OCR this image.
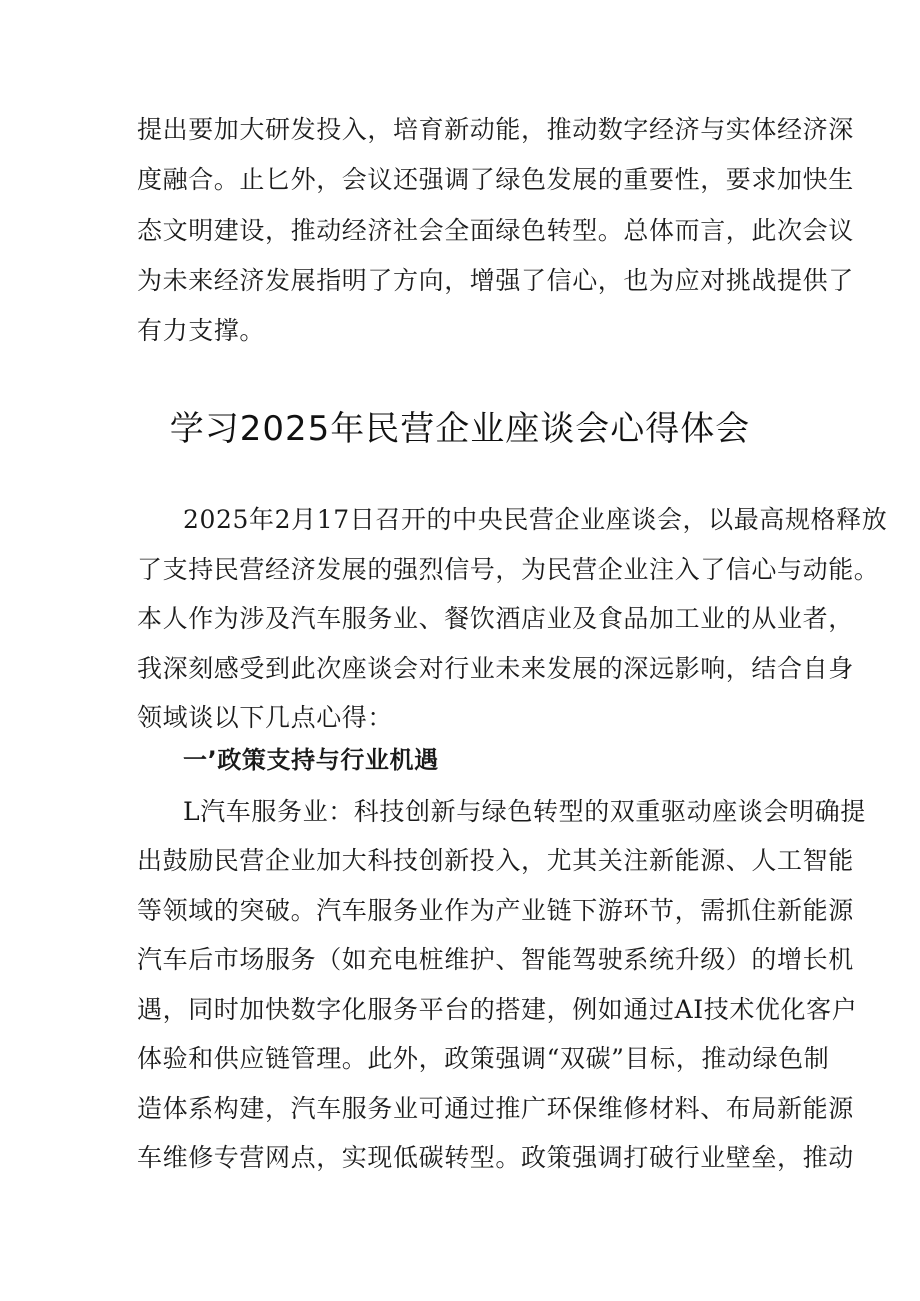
提出要加大研发投入，培育新动能，推动数字经济与实体经济深
度融合。止匕外，会议还强调了绿色发展的重要性，要求加快生
态文明建设，推动经济社会全面绿色转型。总体而言，此次会议
为未来经济发展指明了方向，增强了信心，也为应对挑战提供了
有力支撑。
学习2025年民营企业座谈会心得体会
2025年2月17日召开的中央民营企业座谈会，以最高规格释放
了支持民营经济发展的强烈信号，为民营企业注入了信心与动能。
本人作为涉及汽车服务业、餐饮酒店业及食品加工业的从业者，
我深刻感受到此次座谈会对行业未来发展的深远影响，结合自身
领域谈以下几点心得：
一’政策支持与行业机遇
L汽车服务业：科技创新与绿色转型的双重驱动座谈会明确提
出鼓励民营企业加大科技创新投入，尤其关注新能源、人工智能
等领域的突破。汽车服务业作为产业链下游环节，需抓住新能源
汽车后市场服务（如充电桩维护、智能驾驶系统升级）的增长机
遇，同时加快数字化服务平台的搭建，例如通过AI技术优化客户
体验和供应链管理。此外，政策强调“双碳”目标，推动绿色制
造体系构建，汽车服务业可通过推广环保维修材料、布局新能源
车维修专营网点，实现低碳转型。政策强调打破行业壁垒，推动
